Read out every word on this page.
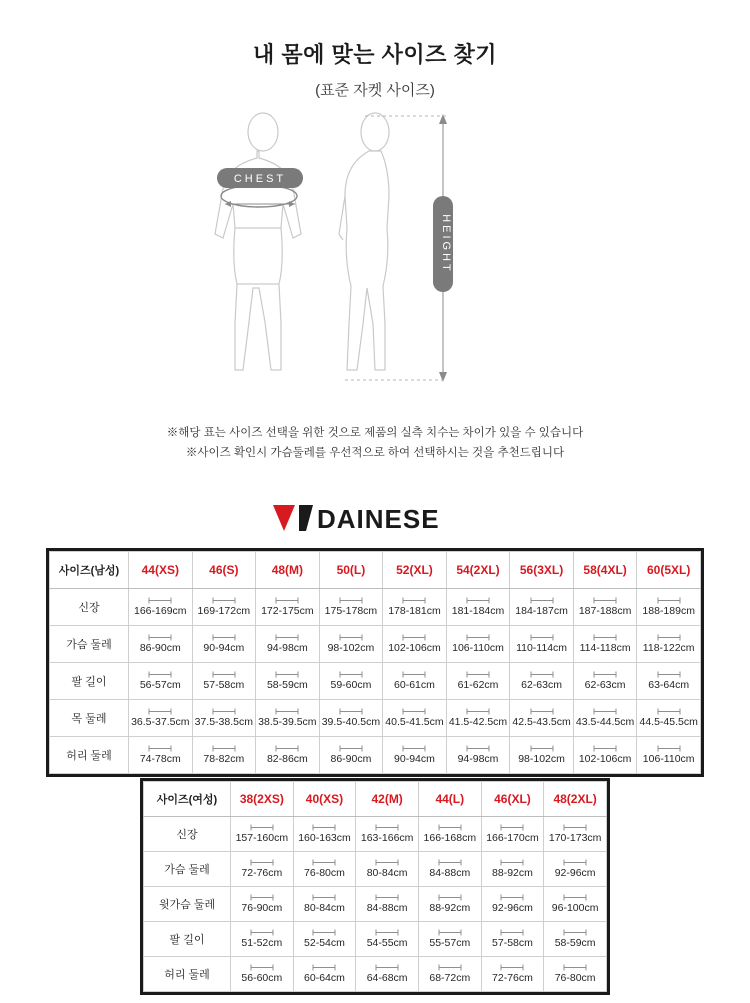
내 몸에 맞는 사이즈 찾기
(표준 자켓 사이즈)
CHEST
HEIGHT
※해당 표는 사이즈 선택을 위한 것으로 제품의 실측 치수는 차이가 있을 수 있습니다
※사이즈 확인시 가슴둘레를 우선적으로 하여 선택하시는 것을 추천드립니다
DAINESE
사이즈(남성)	44(XS)	46(S)	48(M)	50(L)	52(XL)	54(2XL)	56(3XL)	58(4XL)	60(5XL)
신장	166-169cm	169-172cm	172-175cm	175-178cm	178-181cm	181-184cm	184-187cm	187-188cm	188-189cm

가슴 둘레	86-90cm	90-94cm	94-98cm	98-102cm	102-106cm	106-110cm	110-114cm	114-118cm	118-122cm

팔 길이	56-57cm	57-58cm	58-59cm	59-60cm	60-61cm	61-62cm	62-63cm	62-63cm	63-64cm

목 둘레	36.5-37.5cm	37.5-38.5cm	38.5-39.5cm	39.5-40.5cm	40.5-41.5cm	41.5-42.5cm	42.5-43.5cm	43.5-44.5cm	44.5-45.5cm

허리 둘레	74-78cm	78-82cm	82-86cm	86-90cm	90-94cm	94-98cm	98-102cm	102-106cm	106-110cm
사이즈(여성)	38(2XS)	40(XS)	42(M)	44(L)	46(XL)	48(2XL)
신장	157-160cm	160-163cm	163-166cm	166-168cm	166-170cm	170-173cm

가슴 둘레	72-76cm	76-80cm	80-84cm	84-88cm	88-92cm	92-96cm

윗가슴 둘레	76-90cm	80-84cm	84-88cm	88-92cm	92-96cm	96-100cm

팔 길이	51-52cm	52-54cm	54-55cm	55-57cm	57-58cm	58-59cm

허리 둘레	56-60cm	60-64cm	64-68cm	68-72cm	72-76cm	76-80cm
